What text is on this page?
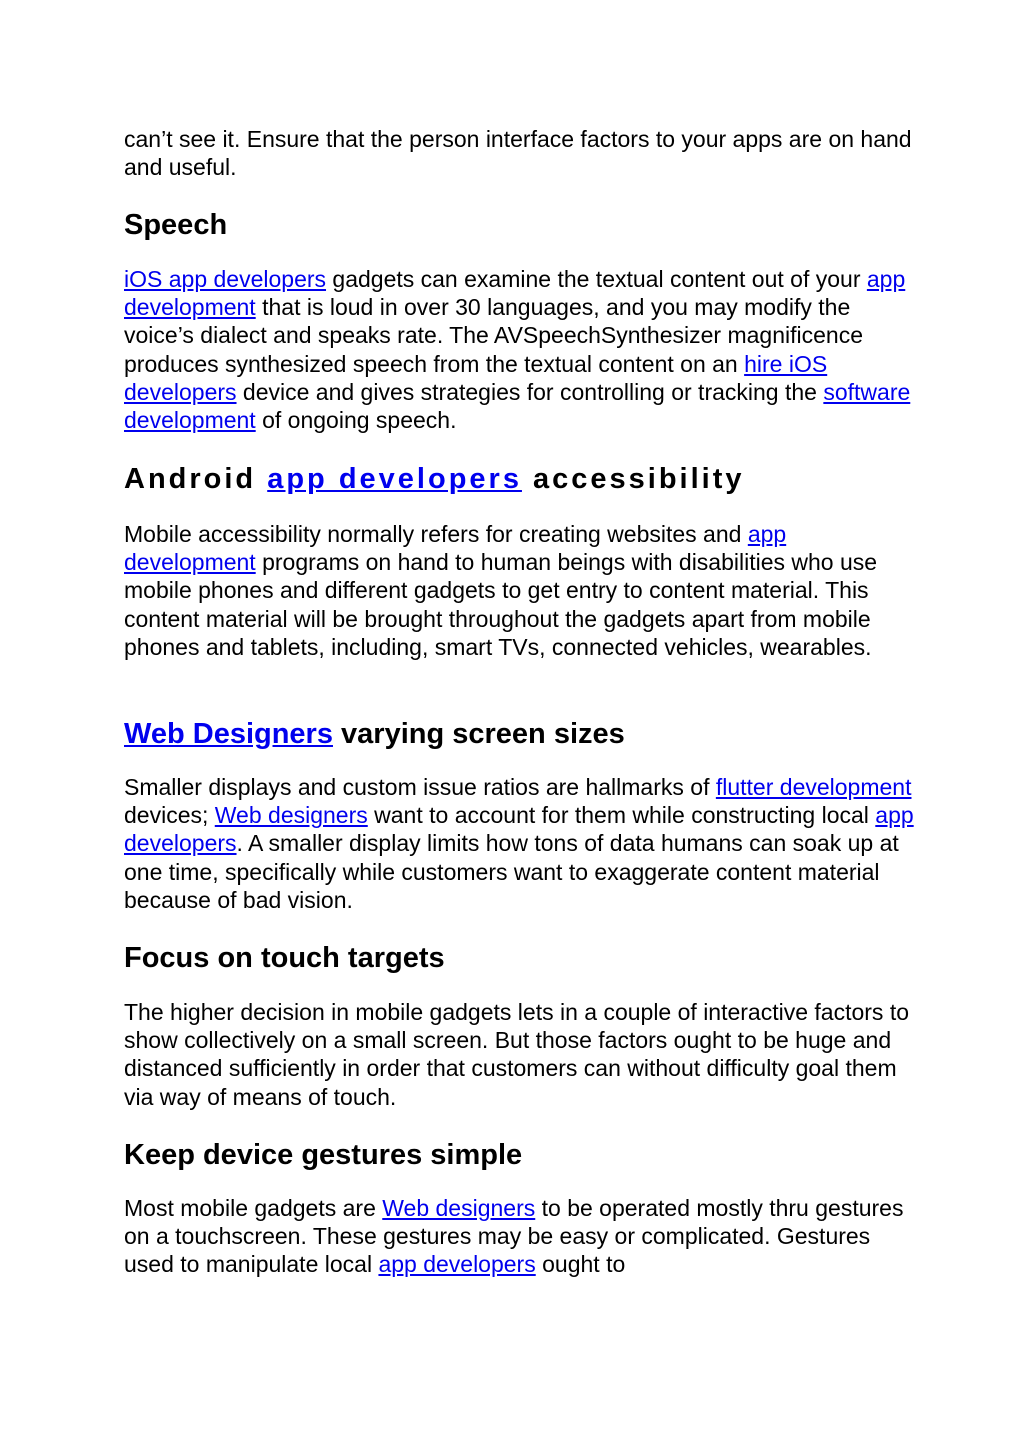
can’t see it. Ensure that the person interface factors to your apps are on hand and useful.

Speech

iOS app developers gadgets can examine the textual content out of your app development that is loud in over 30 languages, and you may modify the voice’s dialect and speaks rate. The AVSpeechSynthesizer magnificence produces synthesized speech from the textual content on an hire iOS developers device and gives strategies for controlling or tracking the software development of ongoing speech.

Android app developers accessibility

Mobile accessibility normally refers for creating websites and app development programs on hand to human beings with disabilities who use mobile phones and different gadgets to get entry to content material. This content material will be brought throughout the gadgets apart from mobile phones and tablets, including, smart TVs, connected vehicles, wearables.

Web Designers varying screen sizes

Smaller displays and custom issue ratios are hallmarks of flutter development devices; Web designers want to account for them while constructing local app developers. A smaller display limits how tons of data humans can soak up at one time, specifically while customers want to exaggerate content material because of bad vision.

Focus on touch targets

The higher decision in mobile gadgets lets in a couple of interactive factors to show collectively on a small screen. But those factors ought to be huge and distanced sufficiently in order that customers can without difficulty goal them via way of means of touch.

Keep device gestures simple

Most mobile gadgets are Web designers to be operated mostly thru gestures on a touchscreen. These gestures may be easy or complicated. Gestures used to manipulate local app developers ought to
